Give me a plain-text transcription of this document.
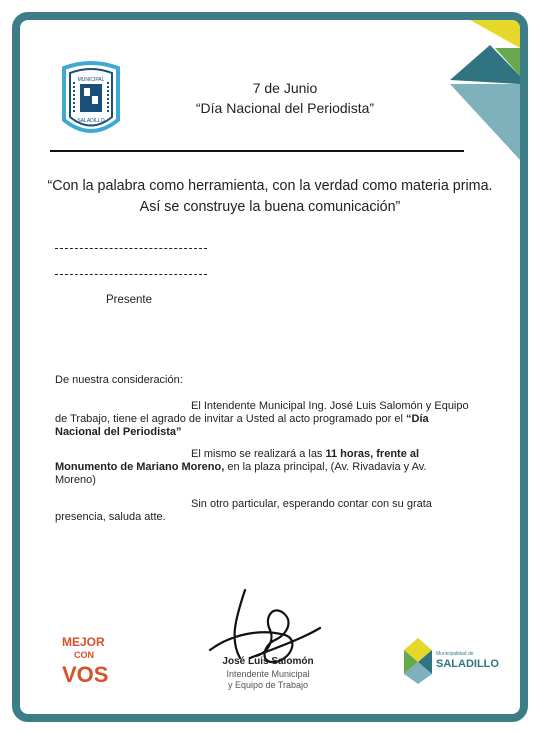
MUNICIPAL
SALADILLO
7 de Junio
“Día Nacional del Periodista”
“Con la palabra como herramienta, con la verdad como materia prima.
Así se construye la buena comunicación”
Presente
De nuestra consideración:
El Intendente Municipal Ing. José Luis Salomón y Equipo de Trabajo, tiene el agrado de invitar a Usted al acto programado por el “Día Nacional del Periodista”
El mismo se realizará a las 11 horas, frente al Monumento de Mariano Moreno, en la plaza principal, (Av. Rivadavia y Av. Moreno)
Sin otro particular, esperando contar con su grata presencia, saluda atte.
José Luis Salomón
Intendente Municipal
y Equipo de Trabajo
MEJOR
CON
VOS
Municipalidad de
SALADILLO
